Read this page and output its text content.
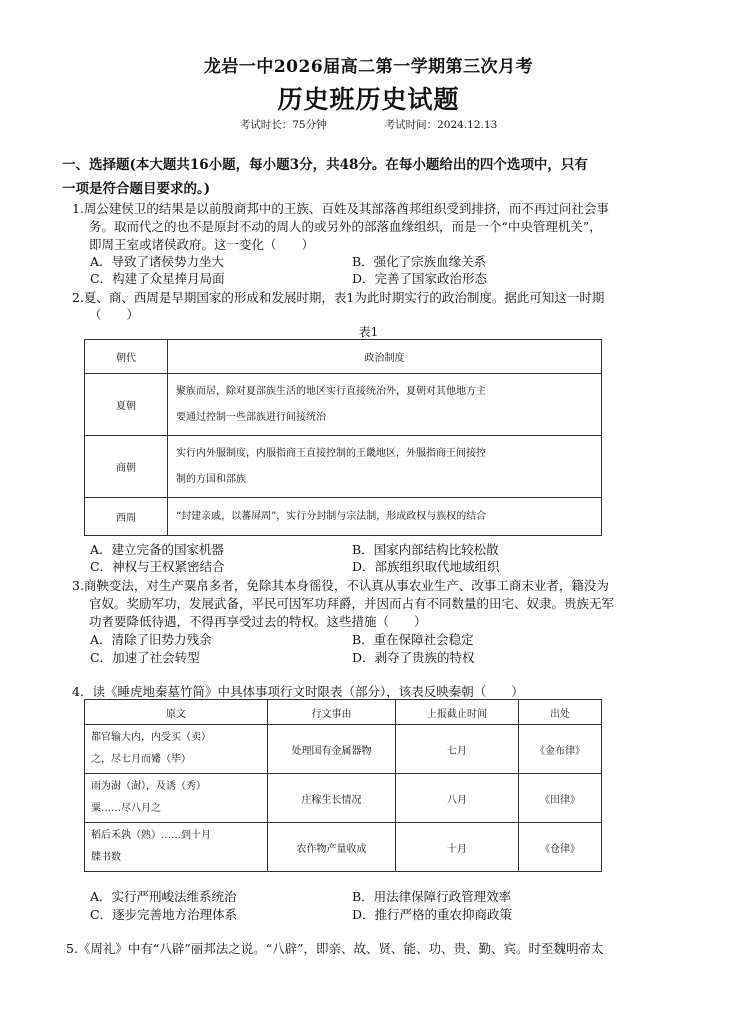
龙岩一中2026届高二第一学期第三次月考
历史班历史试题
考试时长：75分钟	考试时间：2024.12.13
一、选择题(本大题共16小题，每小题3分，共48分。在每小题给出的四个选项中，只有
一项是符合题目要求的。)
1.周公建侯卫的结果是以前殷商邦中的王族、百姓及其部落酋邦组织受到排挤，而不再过问社会事
务。取而代之的也不是原封不动的周人的或另外的部落血缘组织，而是一个“中央管理机关”，
即周王室或诸侯政府。这一变化（　　）
A．导致了诸侯势力坐大	B．强化了宗族血缘关系
C．构建了众星捧月局面	D．完善了国家政治形态
2.夏、商、西周是早期国家的形成和发展时期，表1为此时期实行的政治制度。据此可知这一时期
（　　）
表1
朝代	政治制度
夏朝	聚族而居，除对夏部族生活的地区实行直接统治外，夏朝对其他地方主
要通过控制一些部族进行间接统治

商朝	实行内外服制度，内服指商王直接控制的王畿地区，外服指商王间接控
制的方国和部族

西周	“封建亲戚，以蕃屏周”，实行分封制与宗法制，形成政权与族权的结合
A．建立完备的国家机器	B．国家内部结构比较松散
C．神权与王权紧密结合	D．部族组织取代地域组织
3.商鞅变法，对生产粟帛多者，免除其本身徭役，不认真从事农业生产、改事工商末业者，籍没为
官奴。奖励军功，发展武备，平民可因军功拜爵，并因而占有不同数量的田宅、奴隶。贵族无军
功者要降低待遇，不得再享受过去的特权。这些措施（　　）
A．清除了旧势力残余	B．重在保障社会稳定
C．加速了社会转型	D．剥夺了贵族的特权
4．读《睡虎地秦墓竹简》中具体事项行文时限表（部分），该表反映秦朝（　　）
原文	行文事由	上报截止时间	出处

都官输大内，内受买（卖）
之，尽七月而觱（毕）	处理国有金属器物	七月	《金布律》

雨为澍（澍），及诱（秀）
粟……尽八月之	庄稼生长情况	八月	《田律》

稻后禾孰（熟）……到十月
牒书数	农作物产量收成	十月	《仓律》
A．实行严刑峻法维系统治	B．用法律保障行政管理效率
C．逐步完善地方治理体系	D．推行严格的重农抑商政策
5.《周礼》中有“八辟”丽邦法之说。“八辟”，即亲、故、贤、能、功、贵、勤、宾。时至魏明帝太
